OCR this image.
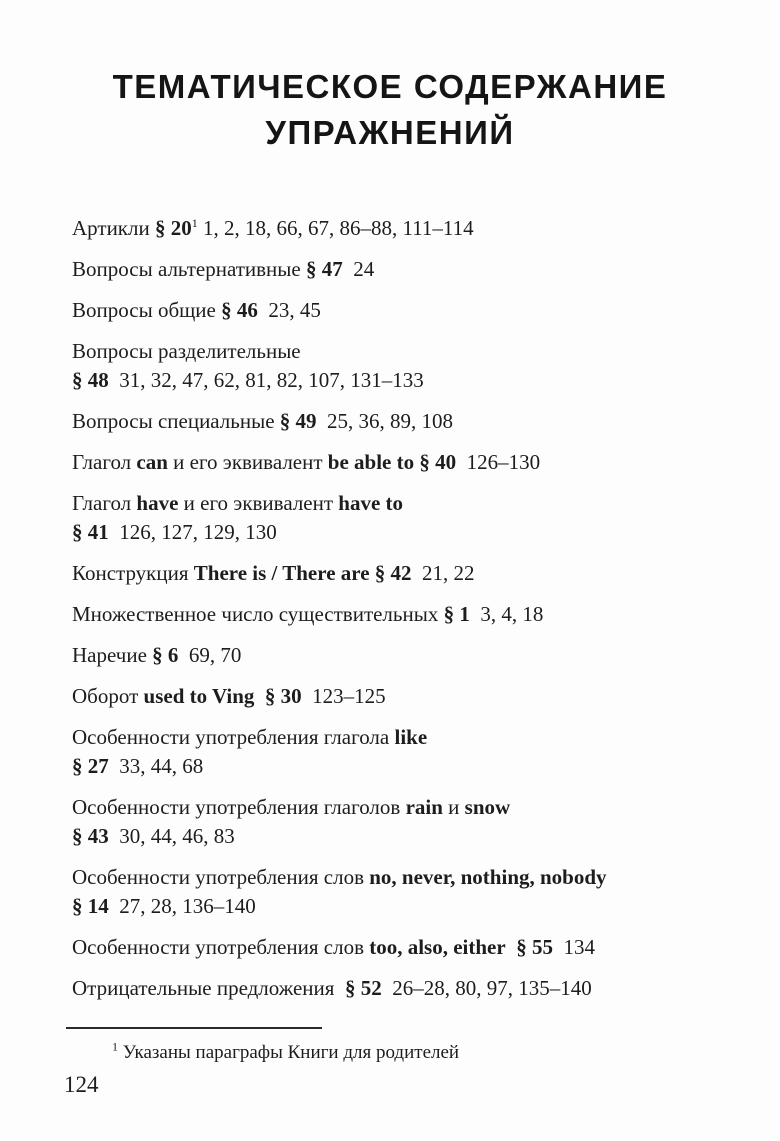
ТЕМАТИЧЕСКОЕ СОДЕРЖАНИЕ
УПРАЖНЕНИЙ
Артикли § $20^1$ 1, 2, 18, 66, 67, 86–88, 111–114
Вопросы альтернативные § 47  24
Вопросы общие § 46  23, 45
Вопросы разделительные
§ 48  31, 32, 47, 62, 81, 82, 107, 131–133
Вопросы специальные § 49  25, 36, 89, 108
Глагол can и его эквивалент be able to § 40  126–130
Глагол have и его эквивалент have to
§ 41  126, 127, 129, 130
Конструкция There is / There are § 42  21, 22
Множественное число существительных § 1  3, 4, 18
Наречие § 6  69, 70
Оборот used to Ving § 30  123–125
Особенности употребления глагола like
§ 27  33, 44, 68
Особенности употребления глаголов rain и snow
§ 43  30, 44, 46, 83
Особенности употребления слов no, never, nothing, nobody
§ 14  27, 28, 136–140
Особенности употребления слов too, also, either § 55  134
Отрицательные предложения  § 52  26–28, 80, 97, 135–140
$^1$ Указаны параграфы Книги для родителей
124
